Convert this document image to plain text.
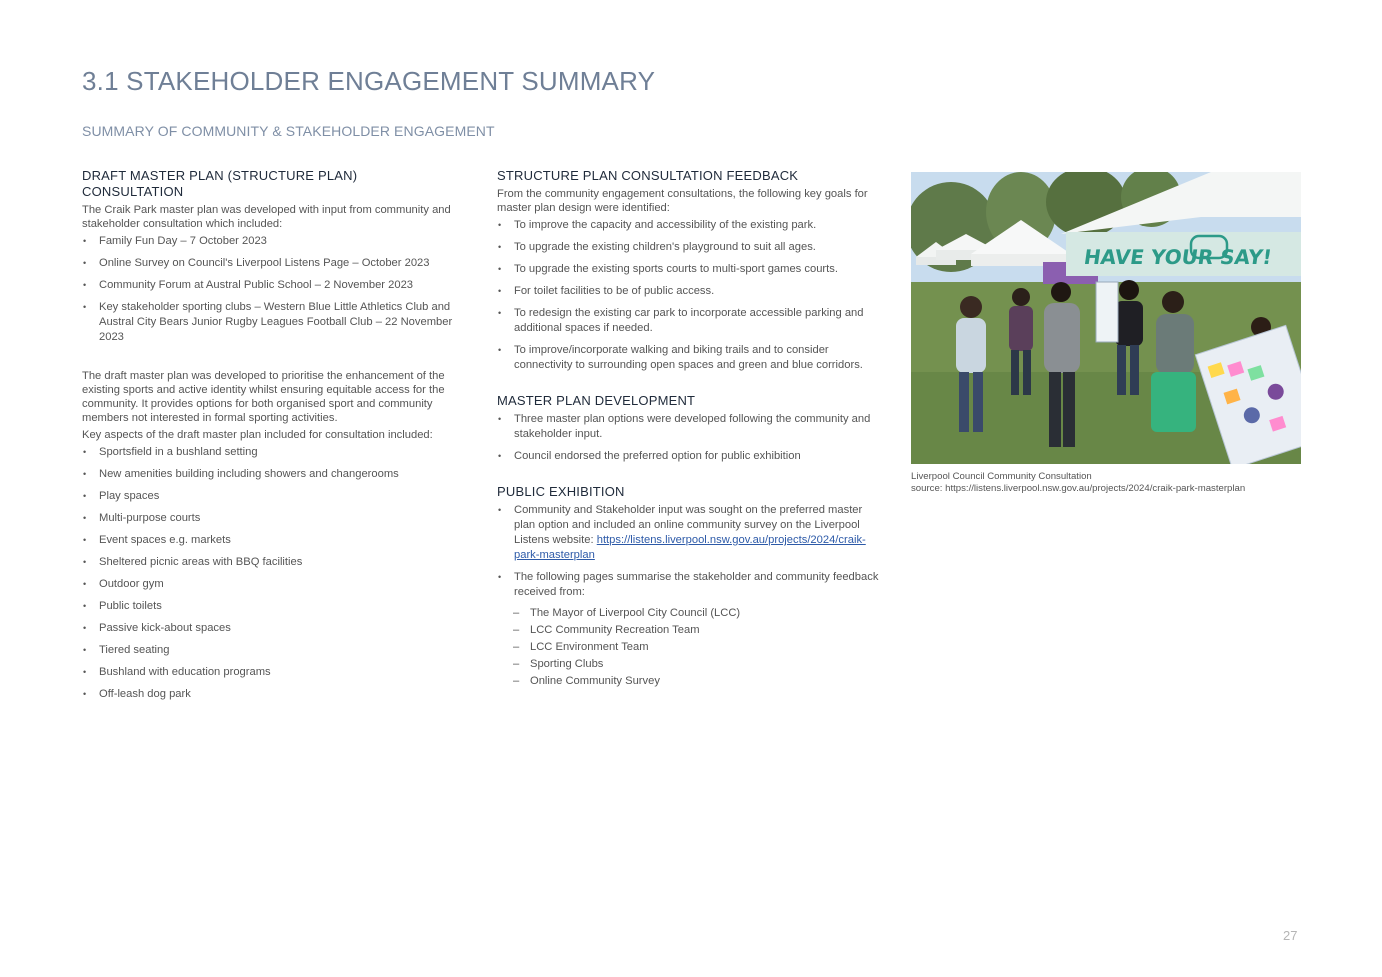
3.1 STAKEHOLDER ENGAGEMENT SUMMARY
SUMMARY OF COMMUNITY & STAKEHOLDER ENGAGEMENT
DRAFT MASTER PLAN (STRUCTURE PLAN) CONSULTATION

The Craik Park master plan was developed with input from community and stakeholder consultation which included:

• Family Fun Day – 7 October 2023
• Online Survey on Council's Liverpool Listens Page – October 2023
• Community Forum at Austral Public School – 2 November 2023
• Key stakeholder sporting clubs – Western Blue Little Athletics Club and Austral City Bears Junior Rugby Leagues Football Club – 22 November 2023

The draft master plan was developed to prioritise the enhancement of the existing sports and active identity whilst ensuring equitable access for the community. It provides options for both organised sport and community members not interested in formal sporting activities.

Key aspects of the draft master plan included for consultation included:

• Sportsfield in a bushland setting
• New amenities building including showers and changerooms
• Play spaces
• Multi-purpose courts
• Event spaces e.g. markets
• Sheltered picnic areas with BBQ facilities
• Outdoor gym
• Public toilets
• Passive kick-about spaces
• Tiered seating
• Bushland with education programs
• Off-leash dog park
STRUCTURE PLAN CONSULTATION FEEDBACK

From the community engagement consultations, the following key goals for master plan design were identified:

• To improve the capacity and accessibility of the existing park.
• To upgrade the existing children's playground to suit all ages.
• To upgrade the existing sports courts to multi-sport games courts.
• For toilet facilities to be of public access.
• To redesign the existing car park to incorporate accessible parking and additional spaces if needed.
• To improve/incorporate walking and biking trails and to consider connectivity to surrounding open spaces and green and blue corridors.
MASTER PLAN DEVELOPMENT
• Three master plan options were developed following the community and stakeholder input.
• Council endorsed the preferred option for public exhibition
PUBLIC EXHIBITION
• Community and Stakeholder input was sought on the preferred master plan option and included an online community survey on the Liverpool Listens website: https://listens.liverpool.nsw.gov.au/projects/2024/craik-park-masterplan
• The following pages summarise the stakeholder and community feedback received from:
– The Mayor of Liverpool City Council (LCC)
– LCC Community Recreation Team
– LCC Environment Team
– Sporting Clubs
– Online Community Survey
HAVE YOUR SAY!
Liverpool Council Community Consultation
source: https://listens.liverpool.nsw.gov.au/projects/2024/craik-park-masterplan
27
